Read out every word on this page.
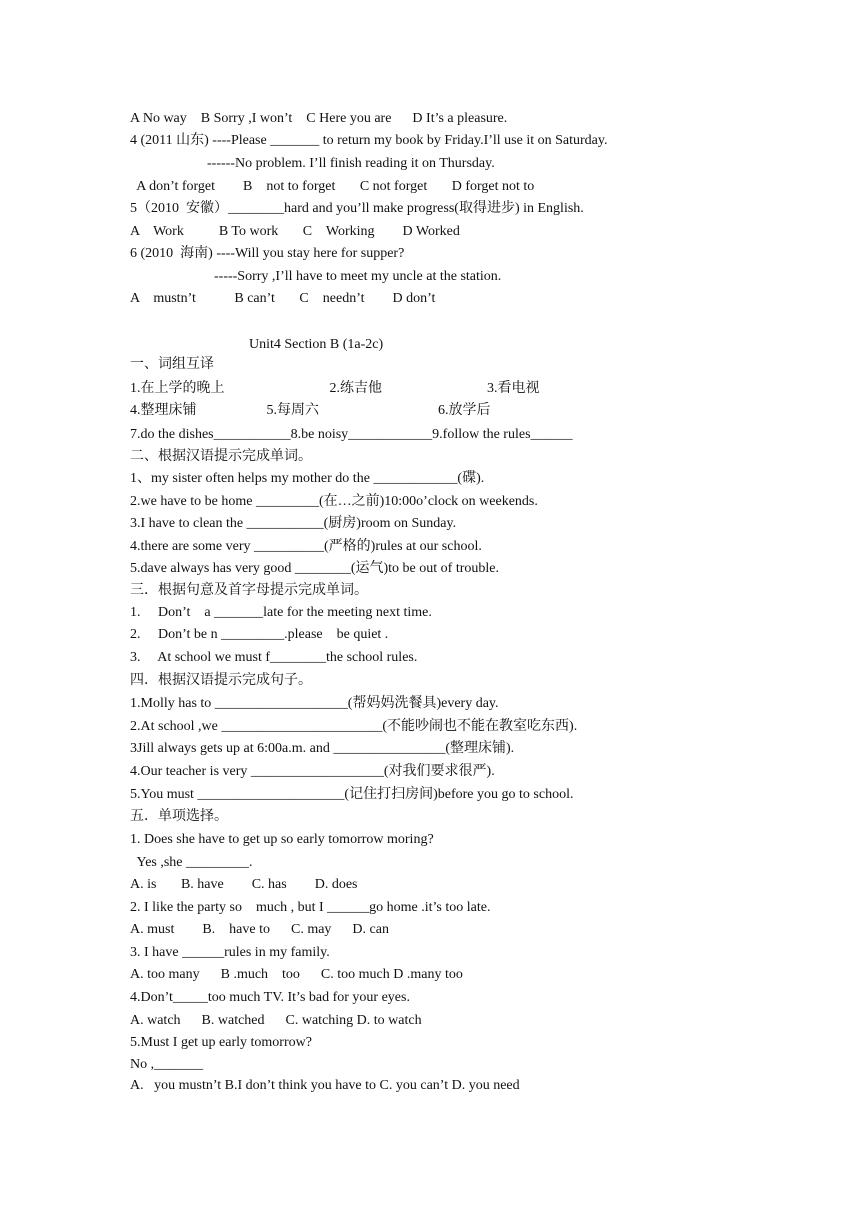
A No way    B Sorry ,I won’t    C Here you are      D It’s a pleasure.
4 (2011 山东) ----Please _______ to return my book by Friday.I’ll use it on Saturday.
------No problem. I’ll finish reading it on Thursday.
A don’t forget        B    not to forget       C not forget       D forget not to
5（2010  安徽）________hard and you’ll make progress(取得进步) in English.
A    Work          B To work       C    Working        D Worked
6 (2010  海南) ----Will you stay here for supper?
-----Sorry ,I’ll have to meet my uncle at the station.
A    mustn’t           B can’t       C    needn’t        D don’t
Unit4 Section B (1a-2c)
一、词组互译
1.在上学的晚上                              2.练吉他                              3.看电视
4.整理床铺                    5.每周六                                  6.放学后
7.do the dishes___________8.be noisy____________9.follow the rules______
二、根据汉语提示完成单词。
1、my sister often helps my mother do the ____________(碟).
2.we have to be home _________(在…之前)10:00o’clock on weekends.
3.I have to clean the ___________(厨房)room on Sunday.
4.there are some very __________(严格的)rules at our school.
5.dave always has very good ________(运气)to be out of trouble.
三．根据句意及首字母提示完成单词。
1.     Don’t    a _______late for the meeting next time.
2.     Don’t be n _________.please    be quiet .
3.     At school we must f________the school rules.
四．根据汉语提示完成句子。
1.Molly has to ___________________(帮妈妈洗餐具)every day.
2.At school ,we _______________________(不能吵闹也不能在教室吃东西).
3Jill always gets up at 6:00a.m. and ________________(整理床铺).
4.Our teacher is very ___________________(对我们要求很严).
5.You must _____________________(记住打扫房间)before you go to school.
五．单项选择。
1. Does she have to get up so early tomorrow moring?
Yes ,she _________.
A. is       B. have        C. has        D. does
2. I like the party so    much , but I ______go home .it’s too late.
A. must        B.    have to      C. may      D. can
3. I have ______rules in my family.
A. too many      B .much    too      C. too much D .many too
4.Don’t_____too much TV. It’s bad for your eyes.
A. watch      B. watched      C. watching D. to watch
5.Must I get up early tomorrow?
No ,_______
A.   you mustn’t B.I don’t think you have to C. you can’t D. you need
